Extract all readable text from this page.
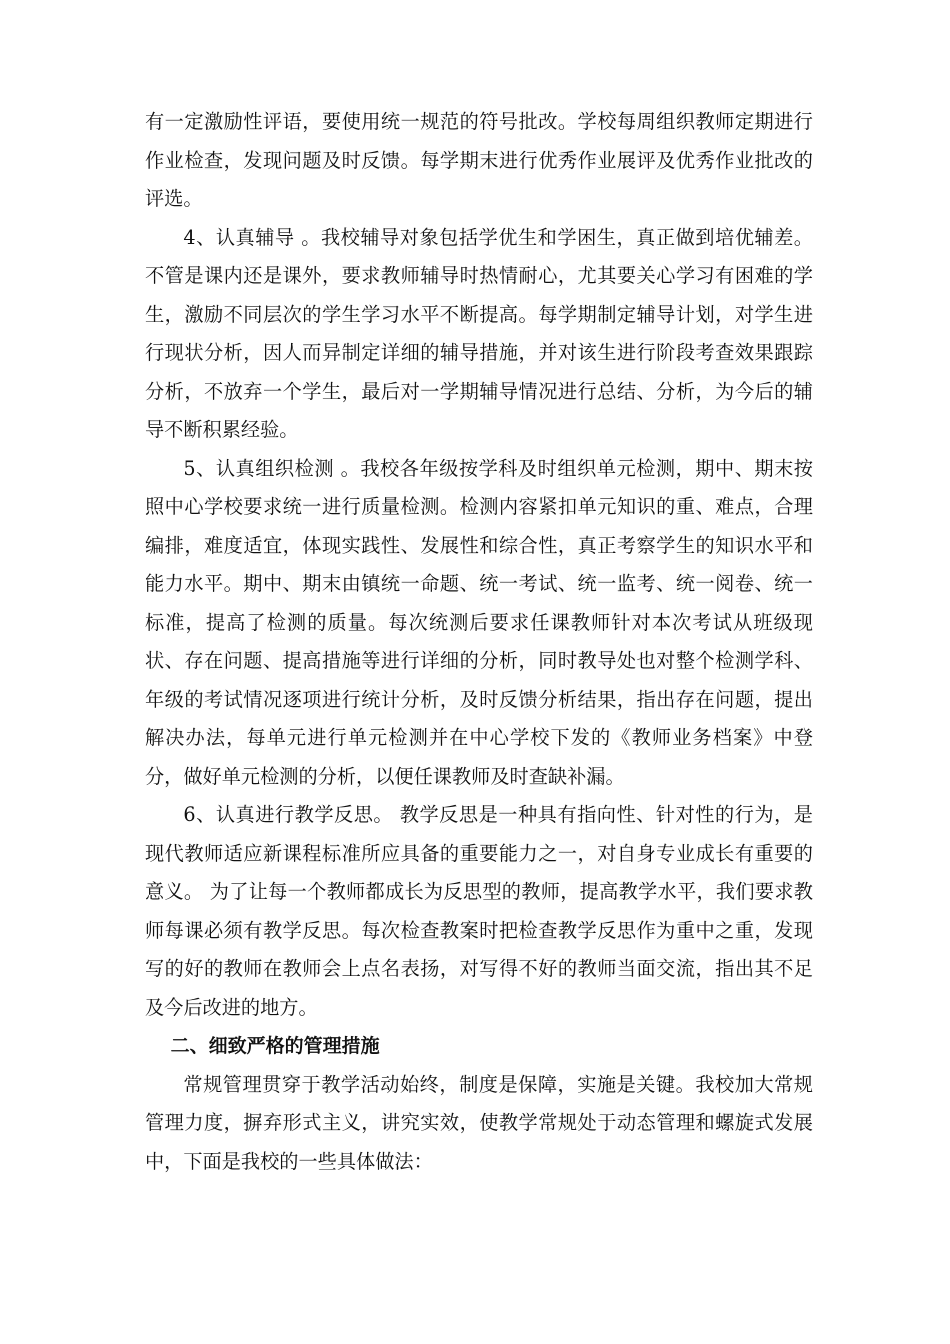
有一定激励性评语，要使用统一规范的符号批改。学校每周组织教师定期进行作业检查，发现问题及时反馈。每学期末进行优秀作业展评及优秀作业批改的评选。

4、认真辅导 。我校辅导对象包括学优生和学困生，真正做到培优辅差。不管是课内还是课外，要求教师辅导时热情耐心，尤其要关心学习有困难的学生，激励不同层次的学生学习水平不断提高。每学期制定辅导计划，对学生进行现状分析，因人而异制定详细的辅导措施，并对该生进行阶段考查效果跟踪分析，不放弃一个学生，最后对一学期辅导情况进行总结、分析，为今后的辅导不断积累经验。

5、认真组织检测 。我校各年级按学科及时组织单元检测，期中、期末按照中心学校要求统一进行质量检测。检测内容紧扣单元知识的重、难点，合理编排，难度适宜，体现实践性、发展性和综合性，真正考察学生的知识水平和能力水平。期中、期末由镇统一命题、统一考试、统一监考、统一阅卷、统一标准，提高了检测的质量。每次统测后要求任课教师针对本次考试从班级现状、存在问题、提高措施等进行详细的分析，同时教导处也对整个检测学科、年级的考试情况逐项进行统计分析，及时反馈分析结果，指出存在问题，提出解决办法，每单元进行单元检测并在中心学校下发的《教师业务档案》中登分，做好单元检测的分析，以便任课教师及时查缺补漏。

6、认真进行教学反思。 教学反思是一种具有指向性、针对性的行为，是现代教师适应新课程标准所应具备的重要能力之一，对自身专业成长有重要的意义。 为了让每一个教师都成长为反思型的教师，提高教学水平，我们要求教师每课必须有教学反思。每次检查教案时把检查教学反思作为重中之重，发现写的好的教师在教师会上点名表扬，对写得不好的教师当面交流，指出其不足及今后改进的地方。

二、细致严格的管理措施

常规管理贯穿于教学活动始终，制度是保障，实施是关键。我校加大常规管理力度，摒弃形式主义，讲究实效，使教学常规处于动态管理和螺旋式发展中，下面是我校的一些具体做法：
